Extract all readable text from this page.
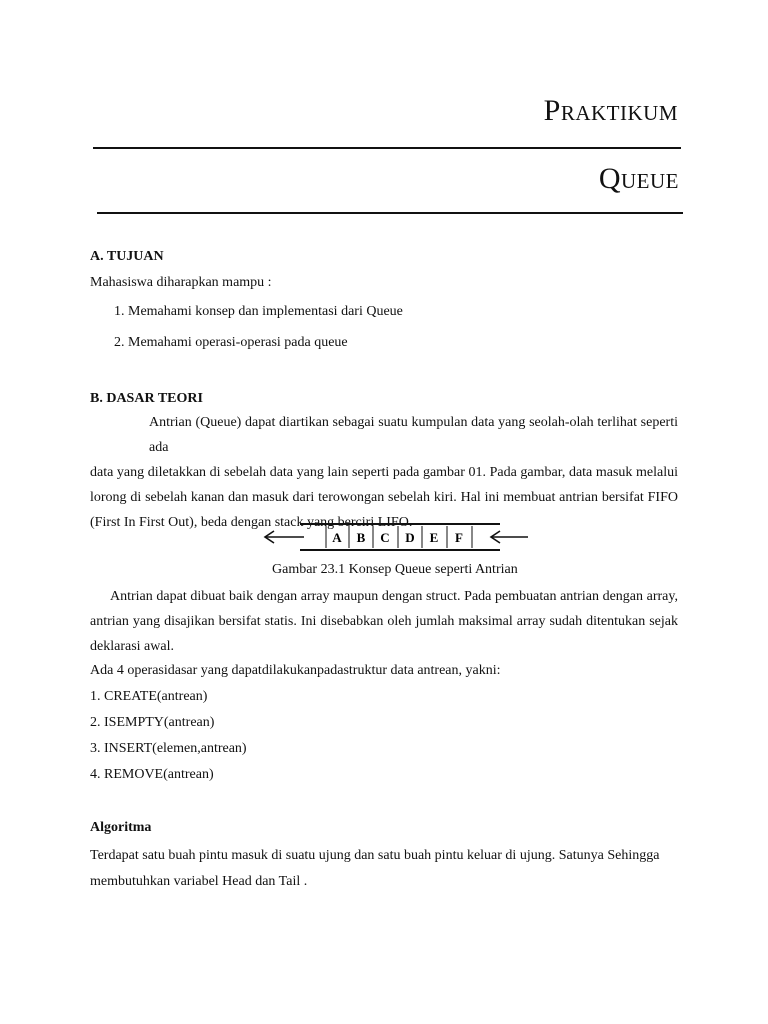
Praktikum
Queue
A. TUJUAN
Mahasiswa diharapkan mampu :
1. Memahami konsep dan implementasi dari Queue
2. Memahami operasi-operasi pada queue
B. DASAR TEORI
Antrian (Queue) dapat diartikan sebagai suatu kumpulan data yang seolah-olah terlihat seperti ada
data yang diletakkan di sebelah data yang lain seperti pada gambar 01. Pada gambar, data masuk melalui
lorong di sebelah kanan dan masuk dari terowongan sebelah kiri. Hal ini membuat antrian bersifat FIFO
(First In First Out), beda dengan stack yang berciri LIFO.
A B C D E F
Gambar 23.1 Konsep Queue seperti Antrian
Antrian dapat dibuat baik dengan array maupun dengan struct. Pada pembuatan antrian dengan array,
antrian yang disajikan bersifat statis. Ini disebabkan oleh jumlah maksimal array sudah ditentukan sejak
deklarasi awal.
Ada 4 operasidasar yang dapatdilakukanpadastruktur data antrean, yakni:
1. CREATE(antrean)
2. ISEMPTY(antrean)
3. INSERT(elemen,antrean)
4. REMOVE(antrean)
Algoritma
Terdapat satu buah pintu masuk di suatu ujung dan satu buah pintu keluar di ujung. Satunya Sehingga
membutuhkan variabel Head dan Tail .
